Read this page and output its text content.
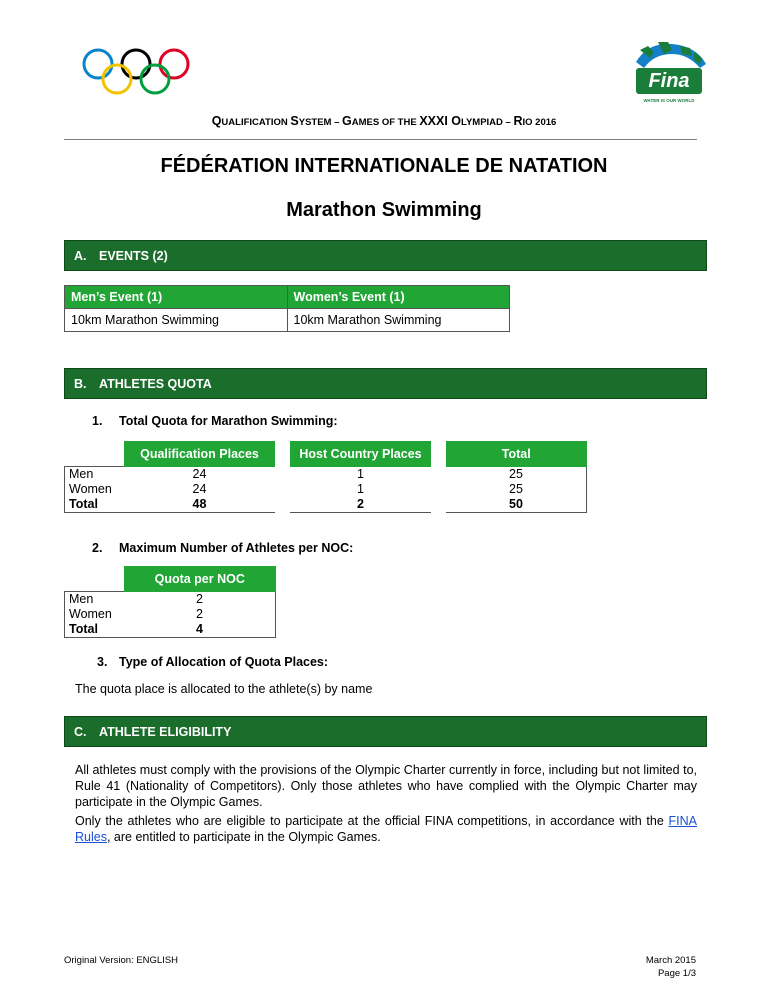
Fina
WATER IS OUR WORLD
QUALIFICATION SYSTEM – GAMES OF THE XXXI OLYMPIAD – RIO 2016
FÉDÉRATION INTERNATIONALE DE NATATION
Marathon Swimming
A. EVENTS (2)
Men’s Event (1)	Women’s Event (1)
10km Marathon Swimming	10km Marathon Swimming
B. ATHLETES QUOTA
1. Total Quota for Marathon Swimming:
	Qualification Places		Host Country Places		Total
Men	24		1		25
Women	24		1		25
Total	48		2		50
2. Maximum Number of Athletes per NOC:
	Quota per NOC
Men	2
Women	2
Total	4
3. Type of Allocation of Quota Places:
The quota place is allocated to the athlete(s) by name
C. ATHLETE ELIGIBILITY
All athletes must comply with the provisions of the Olympic Charter currently in force, including but not limited to, Rule 41 (Nationality of Competitors). Only those athletes who have complied with the Olympic Charter may participate in the Olympic Games.
Only the athletes who are eligible to participate at the official FINA competitions, in accordance with the FINA Rules, are entitled to participate in the Olympic Games.
Original Version: ENGLISH	March 2015
Page 1/3
